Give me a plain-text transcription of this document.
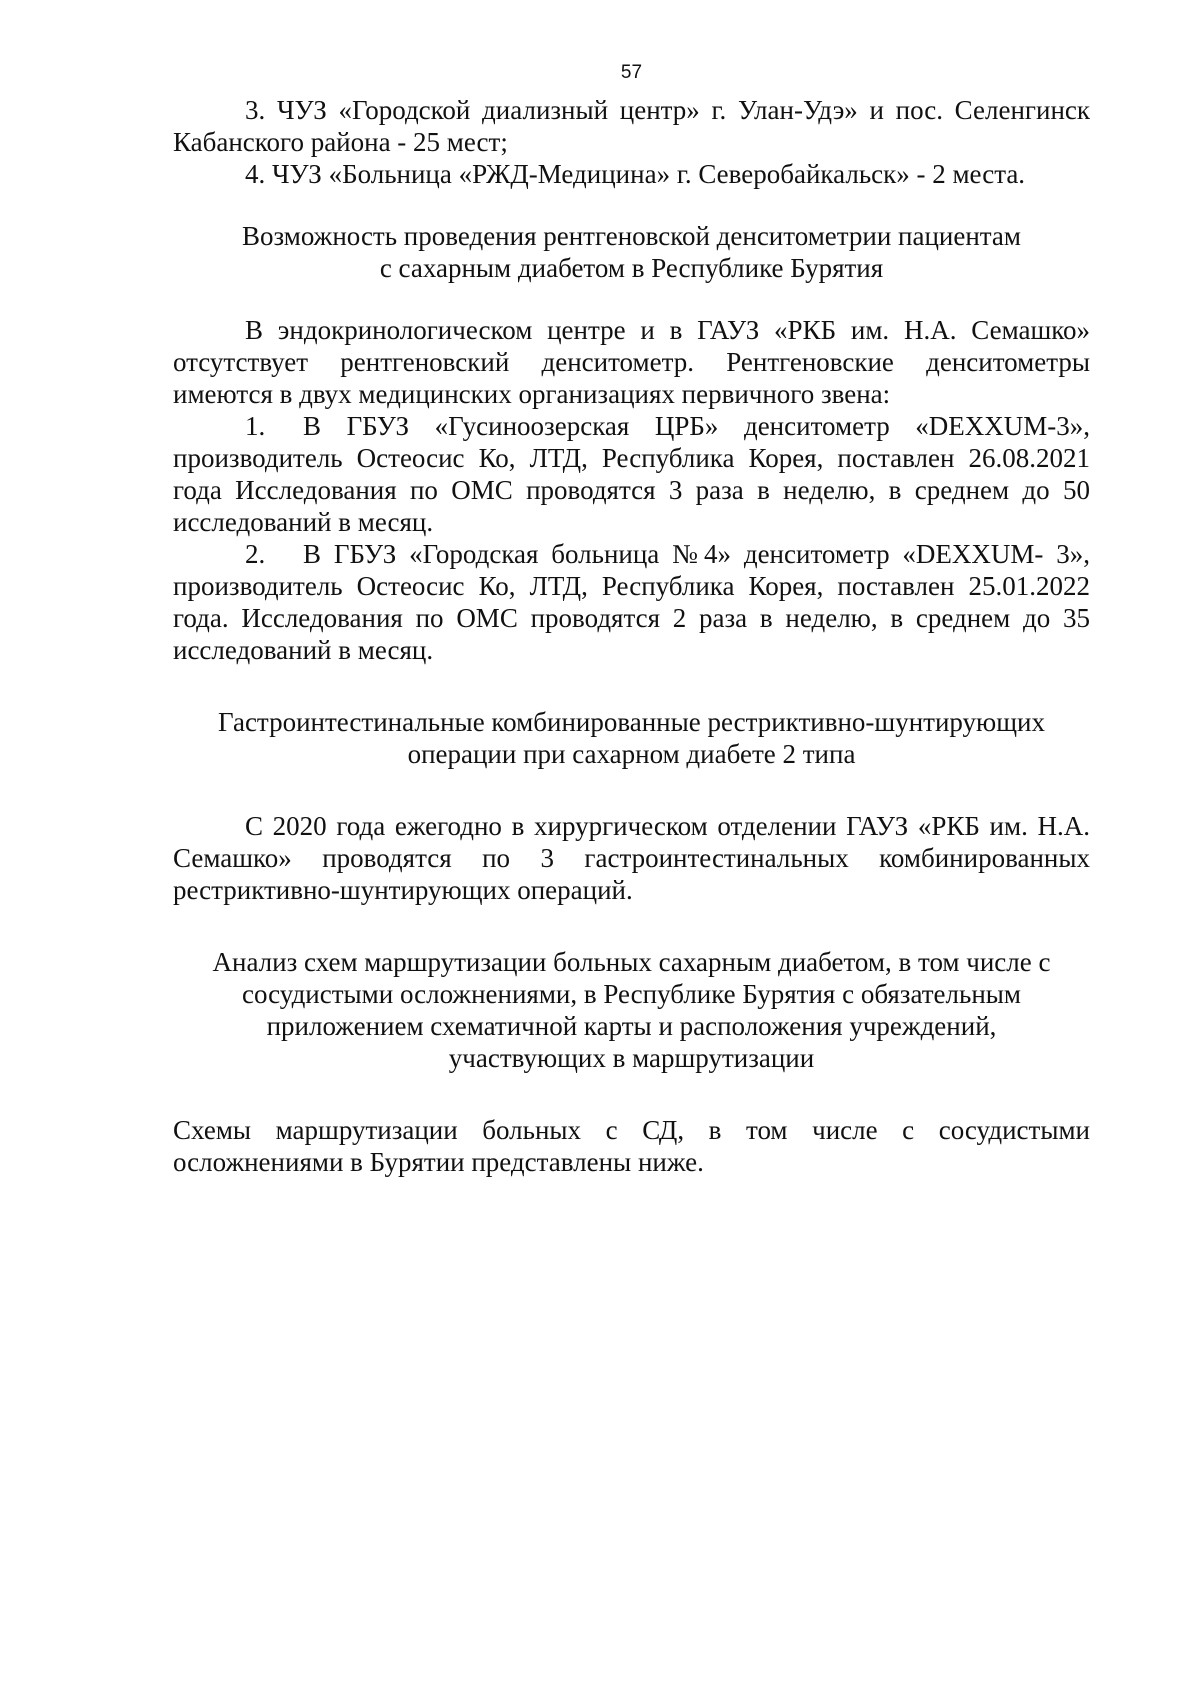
57

3. ЧУЗ «Городской диализный центр» г. Улан-Удэ» и пос. Селенгинск Кабанского района - 25 мест;

4. ЧУЗ «Больница «РЖД-Медицина» г. Северобайкальск» - 2 места.

Возможность проведения рентгеновской денситометрии пациентам
с сахарным диабетом в Республике Бурятия

В эндокринологическом центре и в ГАУЗ «РКБ им. Н.А. Семашко» отсутствует рентгеновский денситометр. Рентгеновские денситометры имеются в двух медицинских организациях первичного звена:

1. В ГБУЗ «Гусиноозерская ЦРБ» денситометр «DEXXUM-3», производитель Остеосис Ко, ЛТД, Республика Корея, поставлен 26.08.2021 года Исследования по ОМС проводятся 3 раза в неделю, в среднем до 50 исследований в месяц.

2. В ГБУЗ «Городская больница №4» денситометр «DEXXUM- 3», производитель Остеосис Ко, ЛТД, Республика Корея, поставлен 25.01.2022 года. Исследования по ОМС проводятся 2 раза в неделю, в среднем до 35 исследований в месяц.

Гастроинтестинальные комбинированные рестриктивно-шунтирующих
операции при сахарном диабете 2 типа

С 2020 года ежегодно в хирургическом отделении ГАУЗ «РКБ им. Н.А. Семашко» проводятся по 3 гастроинтестинальных комбинированных рестриктивно-шунтирующих операций.

Анализ схем маршрутизации больных сахарным диабетом, в том числе с
сосудистыми осложнениями, в Республике Бурятия с обязательным
приложением схематичной карты и расположения учреждений,
участвующих в маршрутизации

Схемы маршрутизации больных с СД, в том числе с сосудистыми осложнениями в Бурятии представлены ниже.
